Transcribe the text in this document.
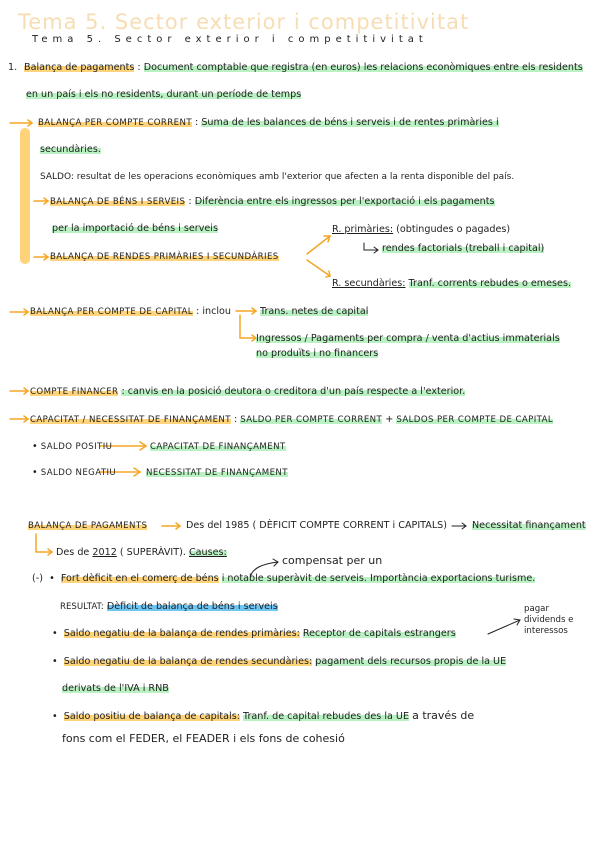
Tema 5. Sector exterior i competitivitat
Tema 5. Sector exterior i competitivitat
1. Balança de pagaments : Document comptable que registra (en euros) les relacions econòmiques entre els residents
en un país i els no residents, durant un període de temps
BALANÇA PER COMPTE CORRENT : Suma de les balances de béns i serveis i de rentes primàries i
secundàries.
SALDO: resultat de les operacions econòmiques amb l'exterior que afecten a la renta disponible del país.
BALANÇA DE BÉNS I SERVEIS : Diferència entre els ingressos per l'exportació i els pagaments
per la importació de béns i serveis
BALANÇA DE RENDES PRIMÀRIES I SECUNDÀRIES
R. primàries: (obtingudes o pagades)
rendes factorials (treball i capital)
R. secundàries: Tranf. corrents rebudes o emeses.
BALANÇA PER COMPTE DE CAPITAL : inclou	Trans. netes de capital
Ingressos / Pagaments per compra / venta d'actius immaterials
no produïts i no financers
COMPTE FINANCER : canvis en la posició deutora o creditora d'un país respecte a l'exterior.
CAPACITAT / NECESSITAT DE FINANÇAMENT : SALDO PER COMPTE CORRENT + SALDOS PER COMPTE DE CAPITAL
• SALDO POSITIU	CAPACITAT DE FINANÇAMENT
• SALDO NEGATIU	NECESSITAT DE FINANÇAMENT
BALANÇA DE PAGAMENTS	Des del 1985 ( DÈFICIT COMPTE CORRENT i CAPITALS)	Necessitat finançament
Des de 2012 ( SUPERÀVIT). Causes:
compensat per un
(-)  •  Fort dèficit en el comerç de béns i notable superàvit de serveis. Importància exportacions turisme.
RESULTAT: Dèficit de balança de béns i serveis	pagar
dividends e
interessos
•  Saldo negatiu de la balança de rendes primàries: Receptor de capitals estrangers
•  Saldo negatiu de la balança de rendes secundàries: pagament dels recursos propis de la UE
derivats de l'IVA i RNB
•  Saldo positiu de balança de capitals: Tranf. de capital rebudes des la UE a través de
fons com el FEDER, el FEADER i els fons de cohesió
